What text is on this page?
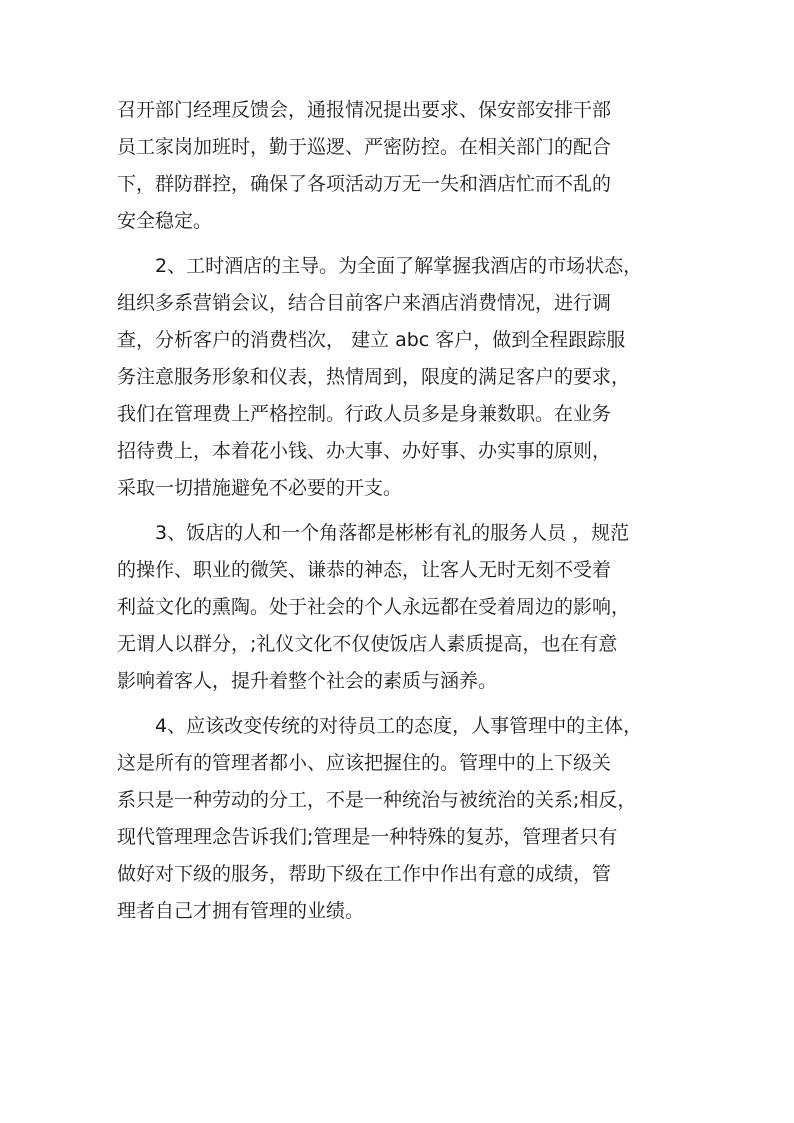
召开部门经理反馈会，通报情况提出要求、保安部安排干部
员工家岗加班时，勤于巡逻、严密防控。在相关部门的配合
下，群防群控，确保了各项活动万无一失和酒店忙而不乱的
安全稳定。
2、工时酒店的主导。为全面了解掌握我酒店的市场状态，
组织多系营销会议，结合目前客户来酒店消费情况，进行调
查，分析客户的消费档次， 建立 abc 客户，做到全程跟踪服
务注意服务形象和仪表，热情周到，限度的满足客户的要求，
我们在管理费上严格控制。行政人员多是身兼数职。在业务
招待费上，本着花小钱、办大事、办好事、办实事的原则，
采取一切措施避免不必要的开支。
3、饭店的人和一个角落都是彬彬有礼的服务人员 ，规范
的操作、职业的微笑、谦恭的神态，让客人无时无刻不受着
利益文化的熏陶。处于社会的个人永远都在受着周边的影响，
无谓人以群分，;礼仪文化不仅使饭店人素质提高，也在有意
影响着客人，提升着整个社会的素质与涵养。
4、应该改变传统的对待员工的态度，人事管理中的主体，
这是所有的管理者都小、应该把握住的。管理中的上下级关
系只是一种劳动的分工，不是一种统治与被统治的关系;相反，
现代管理理念告诉我们;管理是一种特殊的复苏，管理者只有
做好对下级的服务，帮助下级在工作中作出有意的成绩，管
理者自己才拥有管理的业绩。
